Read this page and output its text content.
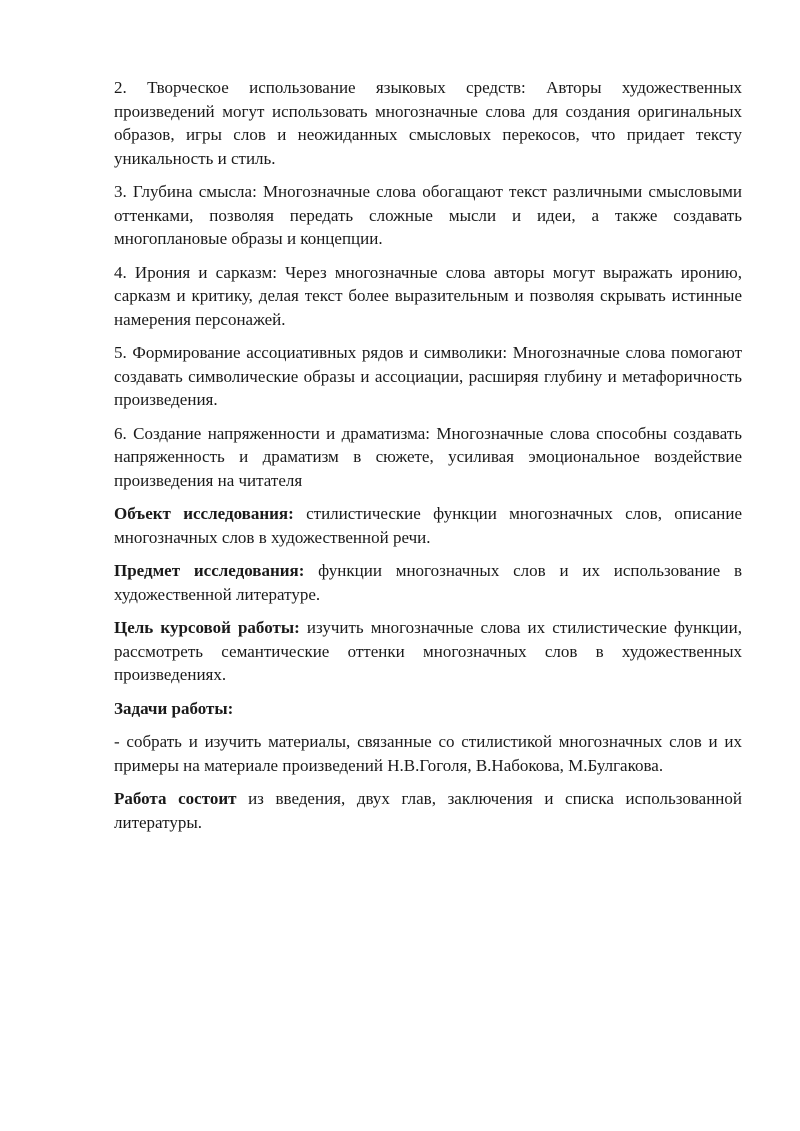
2. Творческое использование языковых средств: Авторы художественных произведений могут использовать многозначные слова для создания оригинальных образов, игры слов и неожиданных смысловых перекосов, что придает тексту уникальность и стиль.

3. Глубина смысла: Многозначные слова обогащают текст различными смысловыми оттенками, позволяя передать сложные мысли и идеи, а также создавать многоплановые образы и концепции.

4. Ирония и сарказм: Через многозначные слова авторы могут выражать иронию, сарказм и критику, делая текст более выразительным и позволяя скрывать истинные намерения персонажей.

5. Формирование ассоциативных рядов и символики: Многозначные слова помогают создавать символические образы и ассоциации, расширяя глубину и метафоричность произведения.

6. Создание напряженности и драматизма: Многозначные слова способны создавать напряженность и драматизм в сюжете, усиливая эмоциональное воздействие произведения на читателя

Объект исследования: стилистические функции многозначных слов, описание многозначных слов в художественной речи.

Предмет исследования: функции многозначных слов и их использование в художественной литературе.

Цель курсовой работы: изучить многозначные слова их стилистические функции, рассмотреть семантические оттенки многозначных слов в художественных произведениях.

Задачи работы:

- собрать и изучить материалы, связанные со стилистикой многозначных слов и их примеры на материале произведений Н.В.Гоголя, В.Набокова, М.Булгакова.

Работа состоит из введения, двух глав, заключения и списка использованной литературы.
